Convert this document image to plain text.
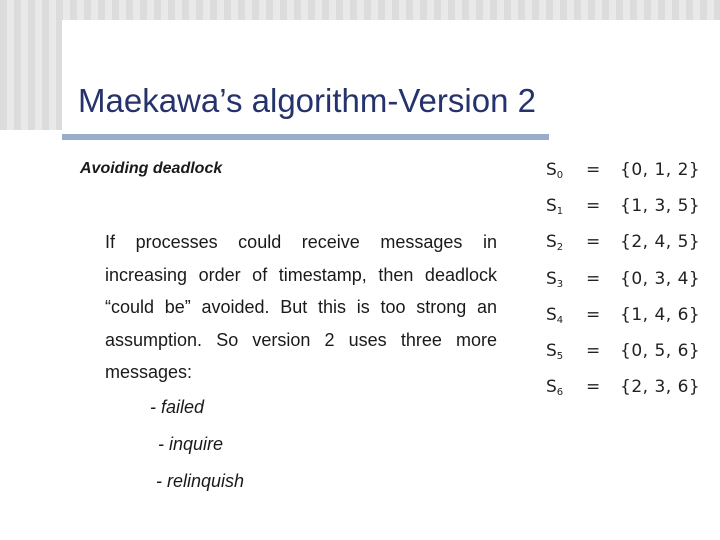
Maekawa’s algorithm-Version 2
Avoiding deadlock
If processes could receive messages in increasing order of timestamp, then deadlock “could be” avoided. But this is too strong an assumption. So version 2 uses three more messages:
- failed
- inquire
- relinquish
$S_0 = \{0$, 1, 2}
$S_1 = \{1$, 3, 5}
$S_2 = \{2$, 4, 5}
$S_3 = \{0$, 3, 4}
$S_4 = \{1$, 4, 6}
$S_5 = \{0$, 5, 6}
$S_6 = \{2$, 3, 6}
